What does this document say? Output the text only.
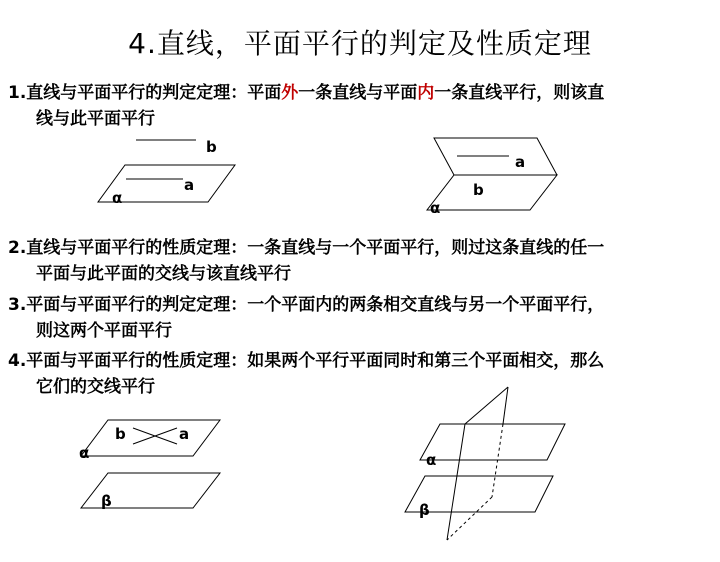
4.直线，平面平行的判定及性质定理
1.直线与平面平行的判定定理：平面外一条直线与平面内一条直线平行，则该直
线与此平面平行
b
a
α
a
b
α
2.直线与平面平行的性质定理：一条直线与一个平面平行，则过这条直线的任一
平面与此平面的交线与该直线平行
3.平面与平面平行的判定定理：一个平面内的两条相交直线与另一个平面平行，
则这两个平面平行
4.平面与平面平行的性质定理：如果两个平行平面同时和第三个平面相交，那么
它们的交线平行
b	a
α
β
α
β
